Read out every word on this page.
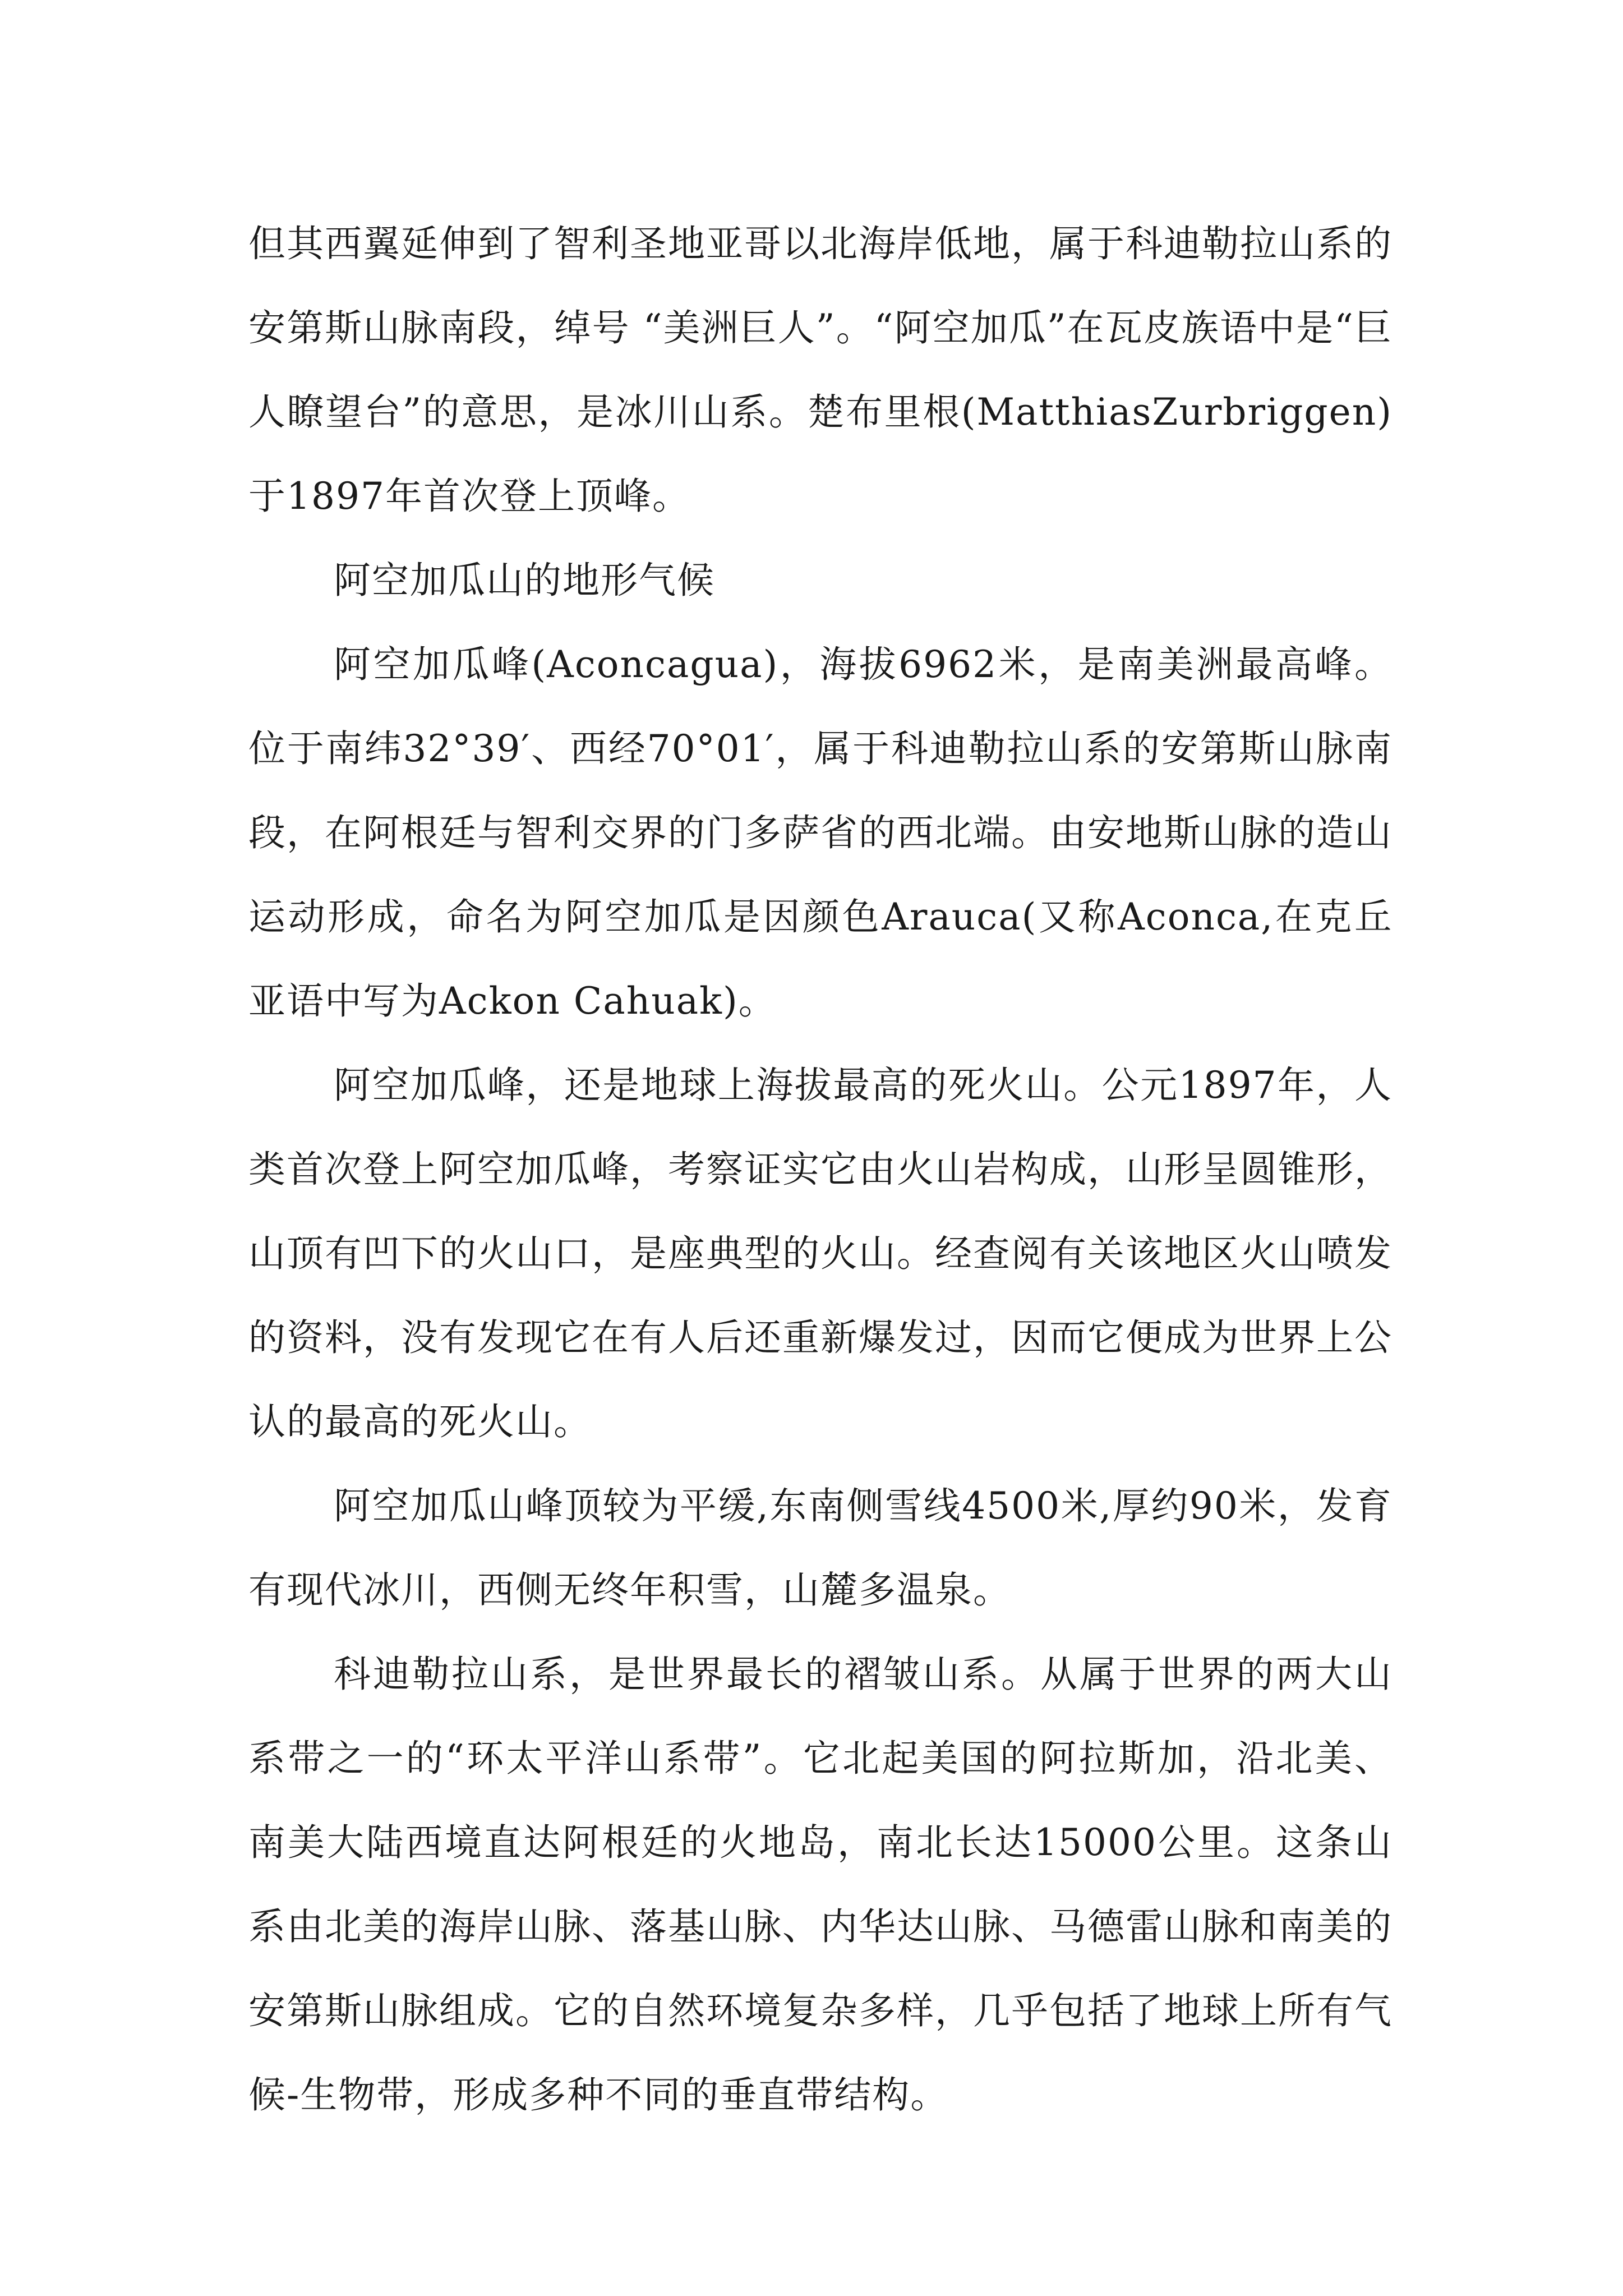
但其西翼延伸到了智利圣地亚哥以北海岸低地，属于科迪勒拉山系的安第斯山脉南段，绰号 “美洲巨人”。“阿空加瓜”在瓦皮族语中是“巨人瞭望台”的意思，是冰川山系。楚布里根(MatthiasZurbriggen)于1897年首次登上顶峰。

阿空加瓜山的地形气候

阿空加瓜峰(Aconcagua)，海拔6962米，是南美洲最高峰。位于南纬32°39′、西经70°01′，属于科迪勒拉山系的安第斯山脉南段，在阿根廷与智利交界的门多萨省的西北端。由安地斯山脉的造山运动形成，命名为阿空加瓜是因颜色Arauca(又称Aconca,在克丘亚语中写为Ackon Cahuak)。

阿空加瓜峰，还是地球上海拔最高的死火山。公元1897年，人类首次登上阿空加瓜峰，考察证实它由火山岩构成，山形呈圆锥形，山顶有凹下的火山口，是座典型的火山。经查阅有关该地区火山喷发的资料，没有发现它在有人后还重新爆发过，因而它便成为世界上公认的最高的死火山。

阿空加瓜山峰顶较为平缓,东南侧雪线4500米,厚约90米，发育有现代冰川，西侧无终年积雪，山麓多温泉。

科迪勒拉山系，是世界最长的褶皱山系。从属于世界的两大山系带之一的“环太平洋山系带”。它北起美国的阿拉斯加，沿北美、南美大陆西境直达阿根廷的火地岛，南北长达15000公里。这条山系由北美的海岸山脉、落基山脉、内华达山脉、马德雷山脉和南美的安第斯山脉组成。它的自然环境复杂多样，几乎包括了地球上所有气候-生物带，形成多种不同的垂直带结构。
